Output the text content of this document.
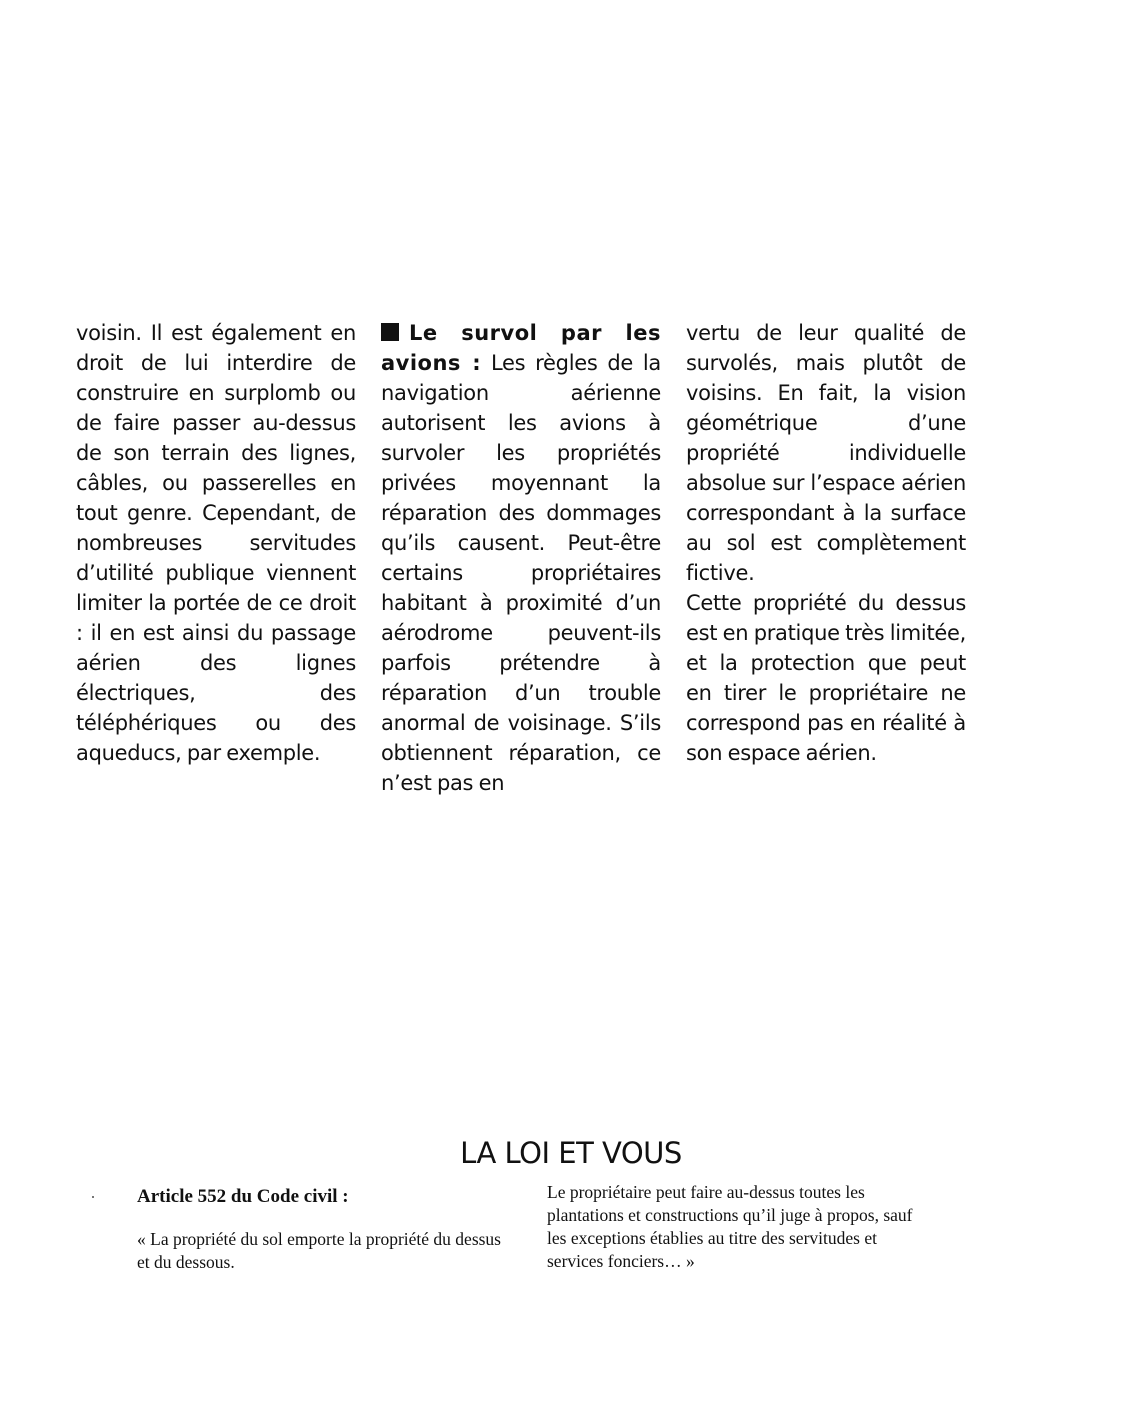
voisin. Il est également en droit de lui interdire de construire en surplomb ou de faire passer au-dessus de son terrain des lignes, câbles, ou passerelles en tout genre. Cependant, de nombreuses servitudes d’utilité publique viennent limiter la portée de ce droit : il en est ainsi du passage aérien des lignes électriques, des téléphériques ou des aqueducs, par exemple.

Le survol par les avions : Les règles de la navigation aérienne autorisent les avions à survoler les propriétés privées moyennant la réparation des dommages qu’ils causent. Peut-être certains propriétaires habitant à proximité d’un aérodrome peuvent-ils parfois prétendre à réparation d’un trouble anormal de voisinage. S’ils obtiennent réparation, ce n’est pas en

vertu de leur qualité de survolés, mais plutôt de voisins. En fait, la vision géométrique d’une propriété individuelle absolue sur l’espace aérien correspondant à la surface au sol est complètement fictive.

Cette propriété du dessus est en pratique très limitée, et la protection que peut en tirer le propriétaire ne correspond pas en réalité à son espace aérien.

LA LOI ET VOUS

Article 552 du Code civil :

« La propriété du sol emporte la propriété du dessus et du dessous.

Le propriétaire peut faire au-dessus toutes les plantations et constructions qu’il juge à propos, sauf les exceptions établies au titre des servitudes et services fonciers… »
